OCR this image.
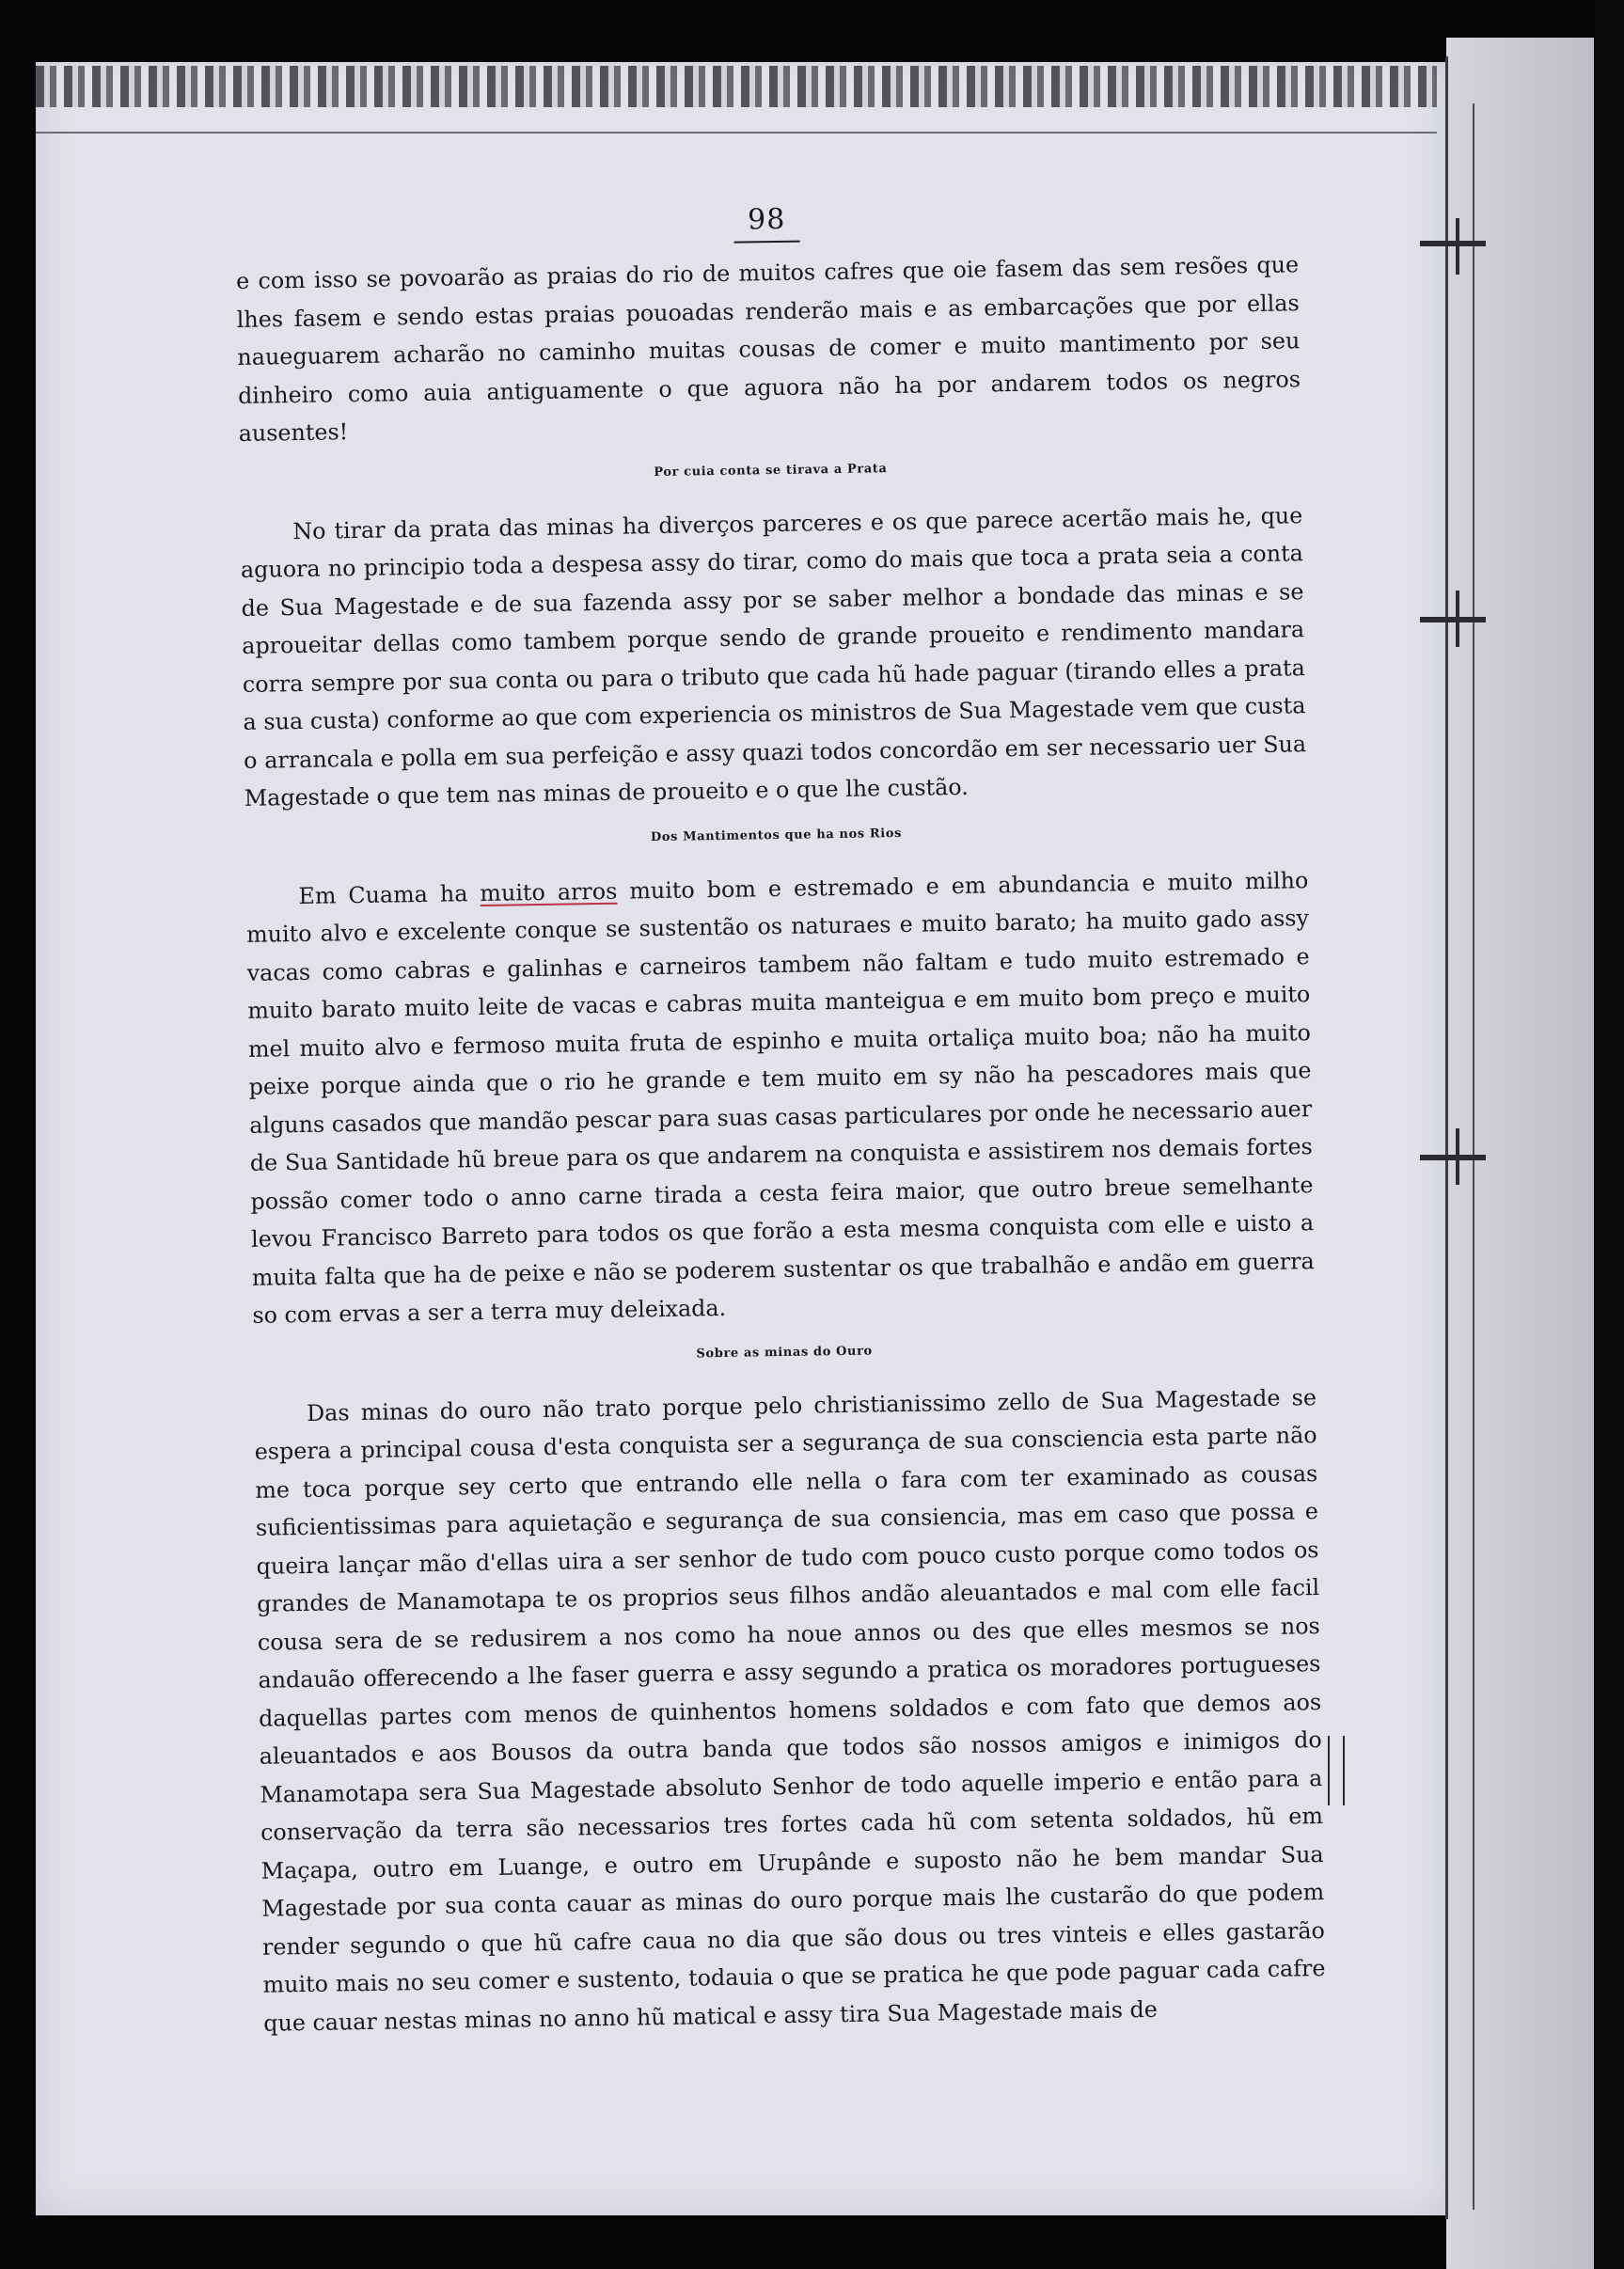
98

e com isso se povoarão as praias do rio de muitos cafres que oie fasem das sem resões que lhes fasem e sendo estas praias pouoadas renderão mais e as embarcações que por ellas naueguarem acharão no caminho muitas cousas de comer e muito mantimento por seu dinheiro como auia antiguamente o que aguora não ha por andarem todos os negros ausentes!

Por cuia conta se tirava a Prata

No tirar da prata das minas ha diverços parceres e os que parece acertão mais he, que aguora no principio toda a despesa assy do tirar, como do mais que toca a prata seia a conta de Sua Magestade e de sua fazenda assy por se saber melhor a bondade das minas e se aproueitar dellas como tambem porque sendo de grande proueito e rendimento mandara corra sempre por sua conta ou para o tributo que cada hũ hade paguar (tirando elles a prata a sua custa) conforme ao que com experiencia os ministros de Sua Magestade vem que custa o arrancala e polla em sua perfeição e assy quazi todos concordão em ser necessario uer Sua Magestade o que tem nas minas de proueito e o que lhe custão.

Dos Mantimentos que ha nos Rios

Em Cuama ha muito arros muito bom e estremado e em abundancia e muito milho muito alvo e excelente conque se sustentão os naturaes e muito barato; ha muito gado assy vacas como cabras e galinhas e carneiros tambem não faltam e tudo muito estremado e muito barato muito leite de vacas e cabras muita manteigua e em muito bom preço e muito mel muito alvo e fermoso muita fruta de espinho e muita ortaliça muito boa; não ha muito peixe porque ainda que o rio he grande e tem muito em sy não ha pescadores mais que alguns casados que mandão pescar para suas casas particulares por onde he necessario auer de Sua Santidade hũ breue para os que andarem na conquista e assistirem nos demais fortes possão comer todo o anno carne tirada a cesta feira maior, que outro breue semelhante levou Francisco Barreto para todos os que forão a esta mesma conquista com elle e uisto a muita falta que ha de peixe e não se poderem sustentar os que trabalhão e andão em guerra so com ervas a ser a terra muy deleixada.

Sobre as minas do Ouro

Das minas do ouro não trato porque pelo christianissimo zello de Sua Magestade se espera a principal cousa d'esta conquista ser a segurança de sua consciencia esta parte não me toca porque sey certo que entrando elle nella o fara com ter examinado as cousas suficientissimas para aquietação e segurança de sua consiencia, mas em caso que possa e queira lançar mão d'ellas uira a ser senhor de tudo com pouco custo porque como todos os grandes de Manamotapa te os proprios seus filhos andão aleuantados e mal com elle facil cousa sera de se redusirem a nos como ha noue annos ou des que elles mesmos se nos andauão offerecendo a lhe faser guerra e assy segundo a pratica os moradores portugueses daquellas partes com menos de quinhentos homens soldados e com fato que demos aos aleuantados e aos Bousos da outra banda que todos são nossos amigos e inimigos do Manamotapa sera Sua Magestade absoluto Senhor de todo aquelle imperio e então para a conservação da terra são necessarios tres fortes cada hũ com setenta soldados, hũ em Maçapa, outro em Luange, e outro em Urupânde e suposto não he bem mandar Sua Magestade por sua conta cauar as minas do ouro porque mais lhe custarão do que podem render segundo o que hũ cafre caua no dia que são dous ou tres vinteis e elles gastarão muito mais no seu comer e sustento, todauia o que se pratica he que pode paguar cada cafre que cauar nestas minas no anno hũ matical e assy tira Sua Magestade mais de
